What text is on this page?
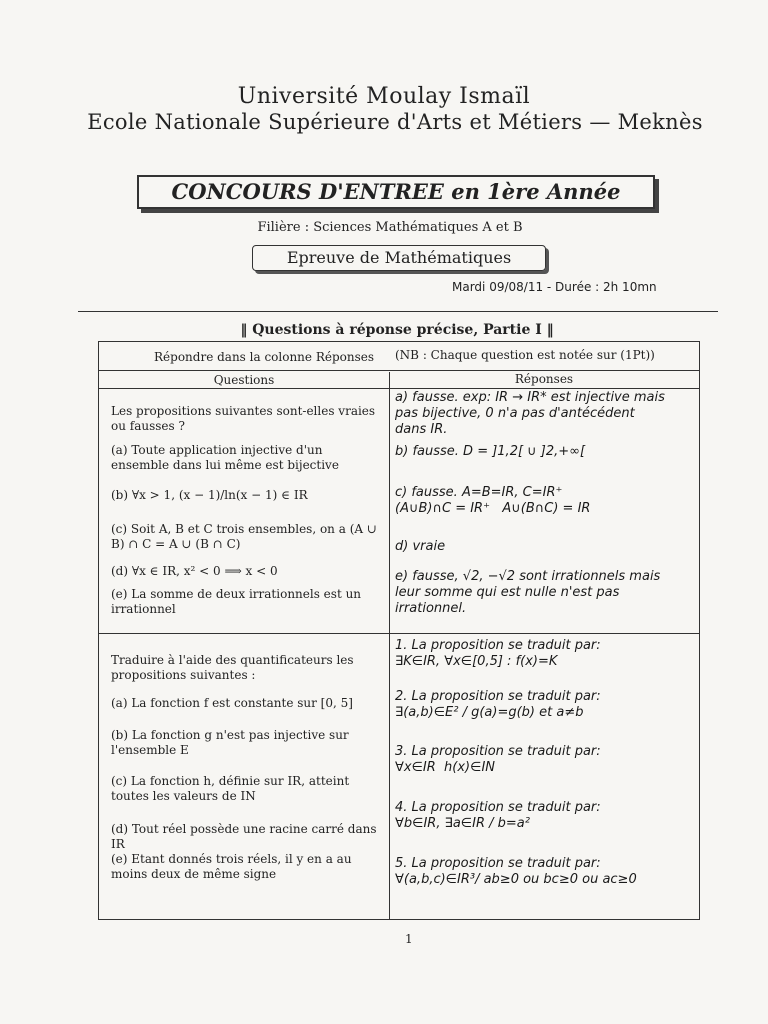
Université Moulay Ismaïl
Ecole Nationale Supérieure d'Arts et Métiers — Meknès
CONCOURS D'ENTREE en 1ère Année
Filière : Sciences Mathématiques A et B
Epreuve de Mathématiques
Mardi 09/08/11 - Durée : 2h 10mn
‖ Questions à réponse précise, Partie I ‖
Répondre dans la colonne Réponses (NB : Chaque question est notée sur (1Pt))
Questions	Réponses
Les propositions suivantes sont-elles vraies ou fausses ?
(a) Toute application injective d'un ensemble dans lui même est bijective
(b) ∀x > 1, (x − 1)/ln(x − 1) ∈ IR
(c) Soit A, B et C trois ensembles, on a (A ∪ B) ∩ C = A ∪ (B ∩ C)
(d) ∀x ∈ IR, x² < 0 ⟹ x < 0
(e) La somme de deux irrationnels est un irrationnel
a) fausse. exp: IR → IR* est injective mais
pas bijective, 0 n'a pas d'antécédent
dans IR.
b) fausse. D = ]1,2[ ∪ ]2,+∞[
c) fausse. A=B=IR, C=IR⁺
(A∪B)∩C = IR⁺   A∪(B∩C) = IR
d) vraie
e) fausse, √2, −√2 sont irrationnels mais
leur somme qui est nulle n'est pas
irrationnel.
Traduire à l'aide des quantificateurs les propositions suivantes :
(a) La fonction f est constante sur [0, 5]
(b) La fonction g n'est pas injective sur l'ensemble E
(c) La fonction h, définie sur IR, atteint toutes les valeurs de IN
(d) Tout réel possède une racine carré dans IR
(e) Etant donnés trois réels, il y en a au moins deux de même signe
1. La proposition se traduit par:
∃K∈IR, ∀x∈[0,5] : f(x)=K
2. La proposition se traduit par:
∃(a,b)∈E² / g(a)=g(b) et a≠b
3. La proposition se traduit par:
∀x∈IR  h(x)∈IN
4. La proposition se traduit par:
∀b∈IR, ∃a∈IR / b=a²
5. La proposition se traduit par:
∀(a,b,c)∈IR³/ ab≥0 ou bc≥0 ou ac≥0
1
